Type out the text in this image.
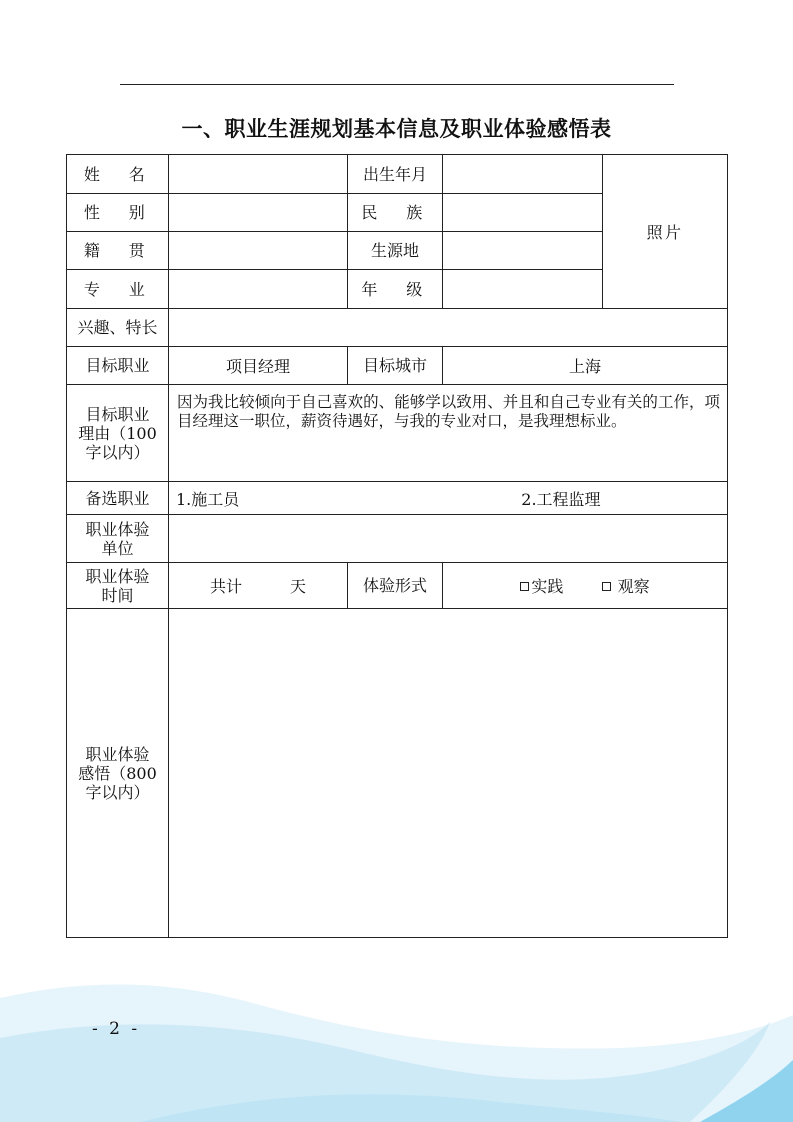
一、职业生涯规划基本信息及职业体验感悟表
姓　名		出生年月		照片
性　别		民　族		
籍　贯		生源地		
专　业		年　级		
兴趣、特长				
目标职业	项目经理	目标城市	上海	

目标职业
理由（100
字以内）	因为我比较倾向于自己喜欢的、能够学以致用、并且和自己专业有关的工作，项目经理这一职位，薪资待遇好，与我的专业对口，是我理想标业。			
备选职业	1.施工员 2.工程监理			

职业体验
单位				

职业体验
时间	共计　　　天	体验形式	实践 观察	

职业体验
感悟（800
字以内）				

- 2 -
